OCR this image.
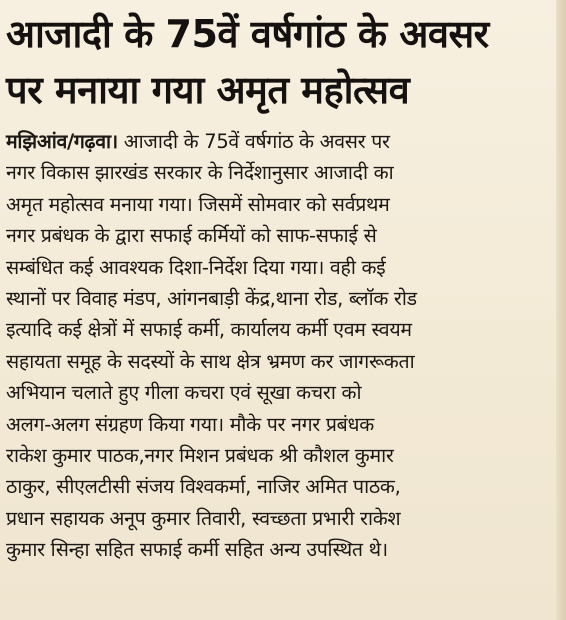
आजादी के 75वें वर्षगांठ के अवसर
पर मनाया गया अमृत महोत्सव

मझिआंव/गढ़वा। आजादी के 75वें वर्षगांठ के अवसर पर
नगर विकास झारखंड सरकार के निर्देशानुसार आजादी का
अमृत महोत्सव मनाया गया। जिसमें सोमवार को सर्वप्रथम
नगर प्रबंधक के द्वारा सफाई कर्मियों को साफ-सफाई से
सम्बंधित कई आवश्यक दिशा-निर्देश दिया गया। वही कई
स्थानों पर विवाह मंडप, आंगनबाड़ी केंद्र,थाना रोड, ब्लॉक रोड
इत्यादि कई क्षेत्रों में सफाई कर्मी, कार्यालय कर्मी एवम स्वयम
सहायता समूह के सदस्यों के साथ क्षेत्र भ्रमण कर जागरूकता
अभियान चलाते हुए गीला कचरा एवं सूखा कचरा को
अलग-अलग संग्रहण किया गया। मौके पर नगर प्रबंधक
राकेश कुमार पाठक,नगर मिशन प्रबंधक श्री कौशल कुमार
ठाकुर, सीएलटीसी संजय विश्वकर्मा, नाजिर अमित पाठक,
प्रधान सहायक अनूप कुमार तिवारी, स्वच्छता प्रभारी राकेश
कुमार सिन्हा सहित सफाई कर्मी सहित अन्य उपस्थित थे।
